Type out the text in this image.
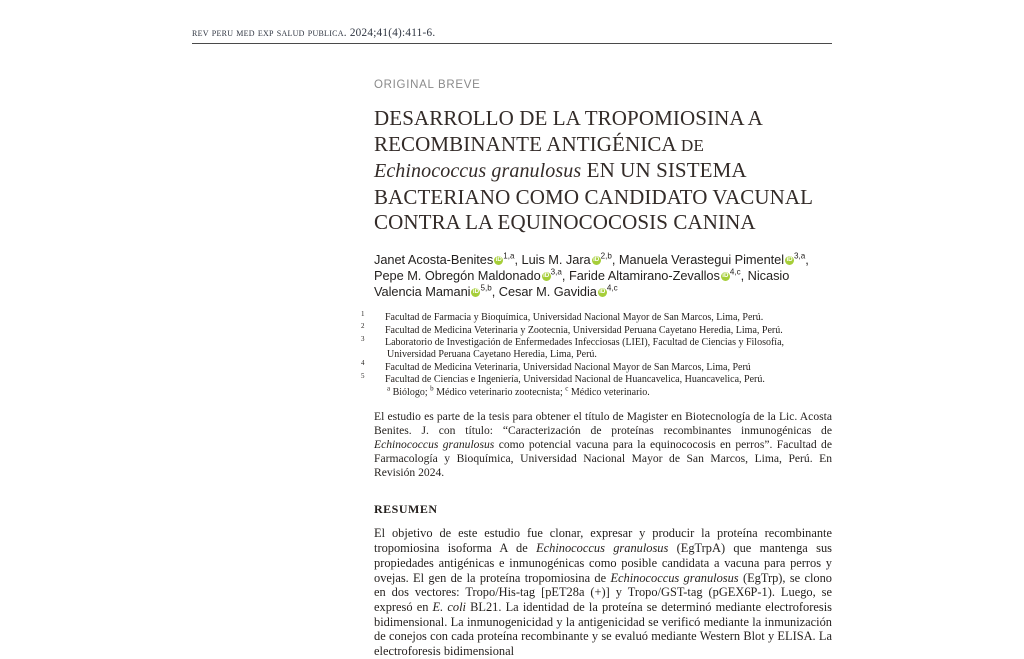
rev peru med exp salud publica. 2024;41(4):411-6.
ORIGINAL BREVE
DESARROLLO DE LA TROPOMIOSINA A
RECOMBINANTE ANTIGÉNICA DE
Echinococcus granulosus EN UN SISTEMA
BACTERIANO COMO CANDIDATO VACUNAL
CONTRA LA EQUINOCOCOSIS CANINA
Janet Acosta-Benites iD $^{1,a}$, Luis M. Jara iD $^{2,b}$, Manuela Verastegui PimenteliD $^{3,a}$, Pepe M. Obregón Maldonado iD $^{3,a}$, Faride Altamirano-Zevallos iD $^{4,c}$, Nicasio Valencia Mamani iD $^{5,b}$, Cesar M. Gavidia iD $^{4,c}$
1 Facultad de Farmacia y Bioquímica, Universidad Nacional Mayor de San Marcos, Lima, Perú.
2 Facultad de Medicina Veterinaria y Zootecnia, Universidad Peruana Cayetano Heredia, Lima, Perú.
3 Laboratorio de Investigación de Enfermedades Infecciosas (LIEI), Facultad de Ciencias y Filosofía, Universidad Peruana Cayetano Heredia, Lima, Perú.
4 Facultad de Medicina Veterinaria, Universidad Nacional Mayor de San Marcos, Lima, Perú
5 Facultad de Ciencias e Ingeniería, Universidad Nacional de Huancavelica, Huancavelica, Perú.
$^a$ Biólogo; $^b$ Médico veterinario zootecnista; $^c$ Médico veterinario.

El estudio es parte de la tesis para obtener el título de Magister en Biotecnología de la Lic. Acosta Benites. J. con título: “Caracterización de proteínas recombinantes inmunogénicas de Echinococcus granulosus como potencial vacuna para la equinococosis en perros”. Facultad de Farmacología y Bioquímica, Universidad Nacional Mayor de San Marcos, Lima, Perú. En Revisión 2024.

RESUMEN

El objetivo de este estudio fue clonar, expresar y producir la proteína recombinante tropomiosina isoforma A de Echinococcus granulosus (EgTrpA) que mantenga sus propiedades antigénicas e inmunogénicas como posible candidata a vacuna para perros y ovejas. El gen de la proteína tropomiosina de Echinococcus granulosus (EgTrp), se clono en dos vectores: Tropo/His-tag [pET28a (+)] y Tropo/GST-tag (pGEX6P-1). Luego, se expresó en E. coli BL21. La identidad de la proteína se determinó mediante electroforesis bidimensional. La inmunogenicidad y la antigenicidad se verificó mediante la inmunización de conejos con cada proteína recombinante y se evaluó mediante Western Blot y ELISA. La electroforesis bidimensional
